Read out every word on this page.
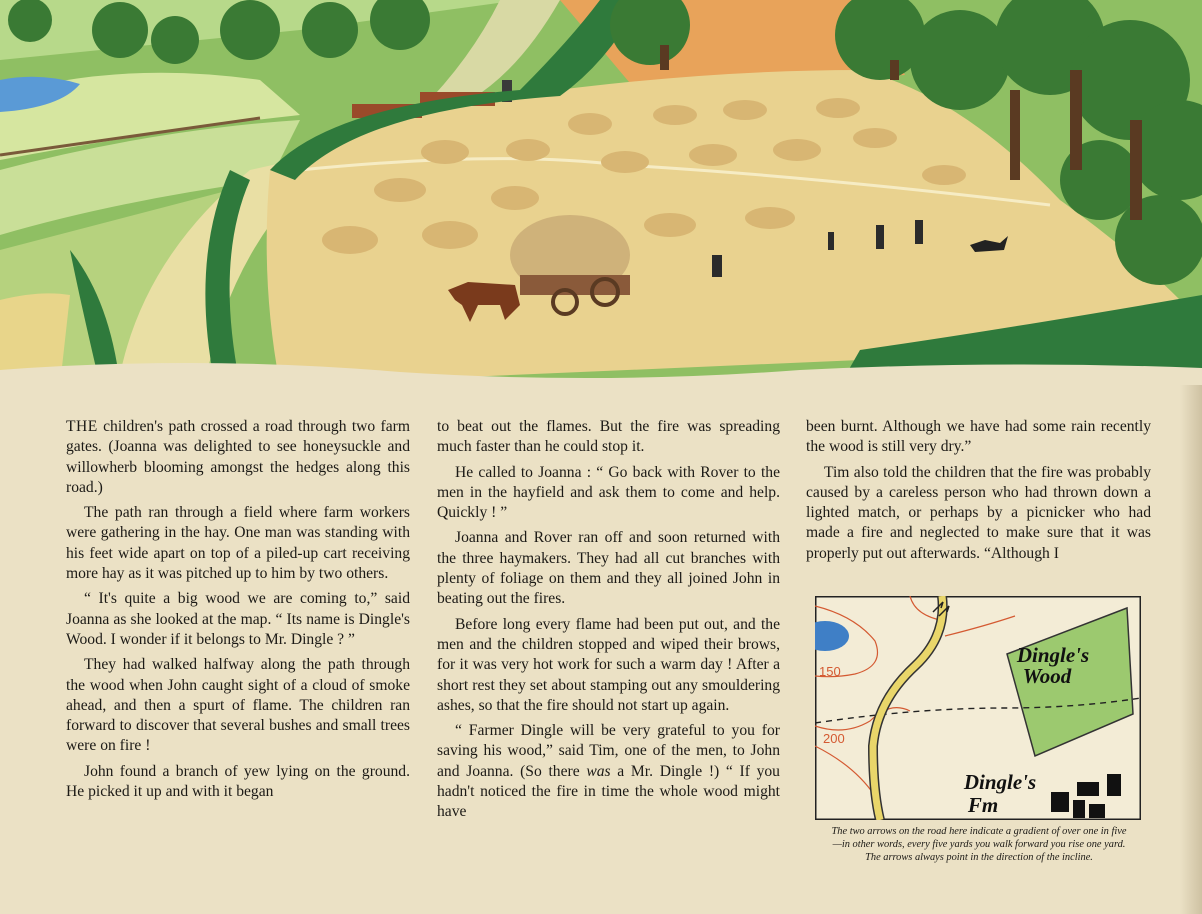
THE children's path crossed a road through two farm gates. (Joanna was delighted to see honeysuckle and willowherb blooming amongst the hedges along this road.)

The path ran through a field where farm workers were gathering in the hay. One man was standing with his feet wide apart on top of a piled-up cart receiving more hay as it was pitched up to him by two others.

“ It's quite a big wood we are coming to,” said Joanna as she looked at the map. “ Its name is Dingle's Wood. I wonder if it belongs to Mr. Dingle ? ”

They had walked halfway along the path through the wood when John caught sight of a cloud of smoke ahead, and then a spurt of flame. The children ran forward to discover that several bushes and small trees were on fire !

John found a branch of yew lying on the ground. He picked it up and with it began

to beat out the flames. But the fire was spreading much faster than he could stop it.

He called to Joanna : “ Go back with Rover to the men in the hayfield and ask them to come and help. Quickly ! ”

Joanna and Rover ran off and soon returned with the three haymakers. They had all cut branches with plenty of foliage on them and they all joined John in beating out the fires.

Before long every flame had been put out, and the men and the children stopped and wiped their brows, for it was very hot work for such a warm day ! After a short rest they set about stamping out any smouldering ashes, so that the fire should not start up again.

“ Farmer Dingle will be very grateful to you for saving his wood,” said Tim, one of the men, to John and Joanna. (So there was a Mr. Dingle !) “ If you hadn't noticed the fire in time the whole wood might have

been burnt. Although we have had some rain recently the wood is still very dry.”

Tim also told the children that the fire was probably caused by a careless person who had thrown down a lighted match, or perhaps by a picnicker who had made a fire and neglected to make sure that it was properly put out afterwards. “Although I

Dingle's
Wood
Dingle's
Fm
150
200
The two arrows on the road here indicate a gradient of over one in five
—in other words, every five yards you walk forward you rise one yard.
The arrows always point in the direction of the incline.
